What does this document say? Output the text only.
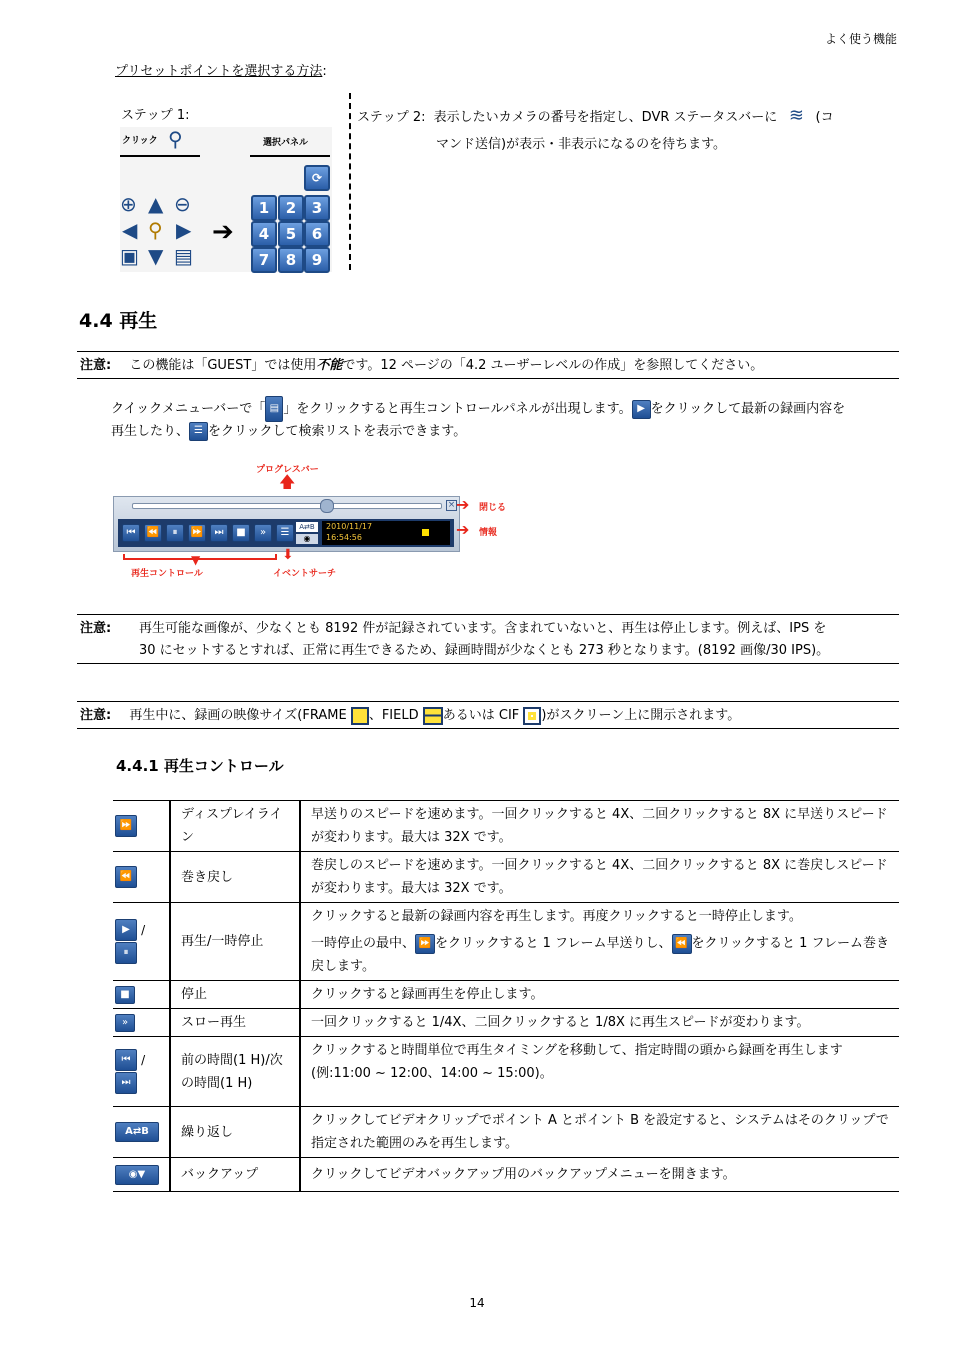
よく使う機能
プリセットポイントを選択する方法:
ステップ 1:
クリック ⚲	選択パネル
⟳
⊕ ▲ ⊖
◀ ⚲ ▶
▣ ▼ ▤
➔
1	2	3
4	5	6
7	8	9
ステップ 2: 表示したいカメラの番号を指定し、DVR ステータスバーに ≋ (コ
マンド送信)が表示・非表示になるのを待ちます。
4.4 再生
注意: この機能は「GUEST」では使用不能です。12 ページの「4.2 ユーザーレベルの作成」を参照してください。
クイックメニューバーで「 ▤ 」をクリックすると再生コントロールパネルが出現します。 ▶ をクリックして最新の録画内容を
再生したり、 ☰ をクリックして検索リストを表示できます。
プログレスバー
🡅
×
⏮	⏪	⏸	⏩	⏭	■	»	☰	A⇄B
◉
2010/11/17
16:54:56
➔ 閉じる
➔ 情報
▼
再生コントロール
⬇
イベントサーチ
注意: 再生可能な画像が、少なくとも 8192 件が記録されています。含まれていないと、再生は停止します。例えば、IPS を
30 にセットするとすれば、正常に再生できるため、録画時間が少なくとも 273 秒となります。(8192 画像/30 IPS)。
注意: 再生中に、録画の映像サイズ(FRAME 、FIELD あるいは CIF )がスクリーン上に開示されます。
4.4.1 再生コントロール
⏩	ディスプレイライン	早送りのスピードを速めます。一回クリックすると 4X、二回クリックすると 8X に早送りスピードが変わります。最大は 32X です。
⏪	巻き戻し	巻戻しのスピードを速めます。一回クリックすると 4X、二回クリックすると 8X に巻戻しスピードが変わります。最大は 32X です。
▶ / ⏸	再生/一時停止	クリックすると最新の録画内容を再生します。再度クリックすると一時停止します。
一時停止の最中、 ⏩ をクリックすると 1 フレーム早送りし、 ⏪ をクリックすると 1 フレーム巻き戻します。

■	停止	クリックすると録画再生を停止します。
»	スロー再生	一回クリックすると 1/4X、二回クリックすると 1/8X に再生スピードが変わります。
⏮ / ⏭	前の時間(1 H)/次の時間(1 H)	クリックすると時間単位で再生タイミングを移動して、指定時間の頭から録画を再生します(例:11:00 ~ 12:00、14:00 ~ 15:00)。
A⇄B	繰り返し	クリックしてビデオクリップでポイント A とポイント B を設定すると、システムはそのクリップで指定された範囲のみを再生します。
◉▼	バックアップ	クリックしてビデオバックアップ用のバックアップメニューを開きます。
14
